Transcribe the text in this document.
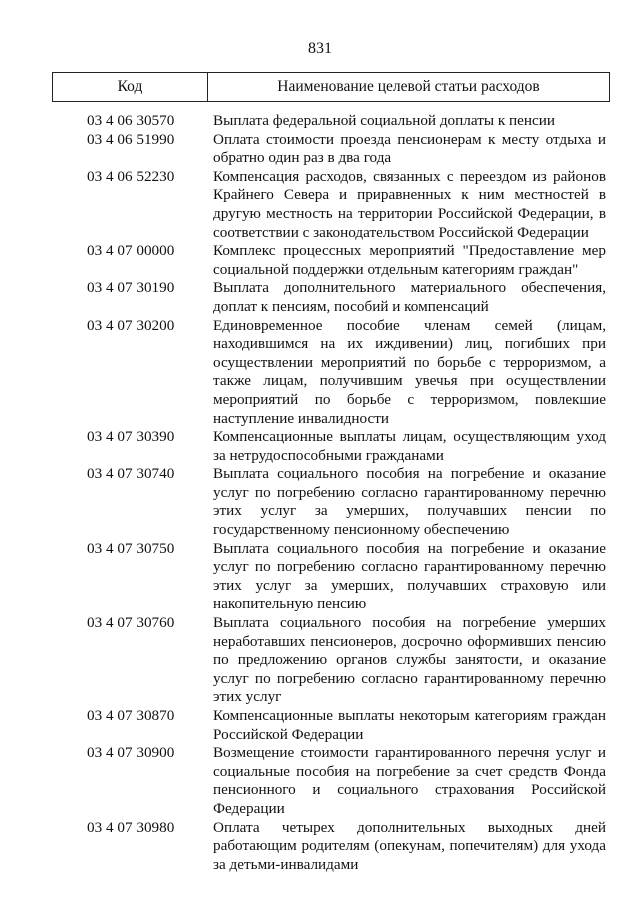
831
Код	Наименование целевой статьи расходов
03 4 06 30570	Выплата федеральной социальной доплаты к пенсии
03 4 06 51990	Оплата стоимости проезда пенсионерам к месту отдыха и обратно один раз в два года
03 4 06 52230	Компенсация расходов, связанных с переездом из районов Крайнего Севера и приравненных к ним местностей в другую местность на территории Российской Федерации, в соответствии с законодательством Российской Федерации
03 4 07 00000	Комплекс процессных мероприятий "Предоставление мер социальной поддержки отдельным категориям граждан"
03 4 07 30190	Выплата дополнительного материального обеспечения, доплат к пенсиям, пособий и компенсаций
03 4 07 30200	Единовременное пособие членам семей (лицам, находившимся на их иждивении) лиц, погибших при осуществлении мероприятий по борьбе с терроризмом, а также лицам, получившим увечья при осуществлении мероприятий по борьбе с терроризмом, повлекшие наступление инвалидности
03 4 07 30390	Компенсационные выплаты лицам, осуществляющим уход за нетрудоспособными гражданами
03 4 07 30740	Выплата социального пособия на погребение и оказание услуг по погребению согласно гарантированному перечню этих услуг за умерших, получавших пенсии по государственному пенсионному обеспечению
03 4 07 30750	Выплата социального пособия на погребение и оказание услуг по погребению согласно гарантированному перечню этих услуг за умерших, получавших страховую или накопительную пенсию
03 4 07 30760	Выплата социального пособия на погребение умерших неработавших пенсионеров, досрочно оформивших пенсию по предложению органов службы занятости, и оказание услуг по погребению согласно гарантированному перечню этих услуг
03 4 07 30870	Компенсационные выплаты некоторым категориям граждан Российской Федерации
03 4 07 30900	Возмещение стоимости гарантированного перечня услуг и социальные пособия на погребение за счет средств Фонда пенсионного и социального страхования Российской Федерации
03 4 07 30980	Оплата четырех дополнительных выходных дней работающим родителям (опекунам, попечителям) для ухода за детьми-инвалидами
